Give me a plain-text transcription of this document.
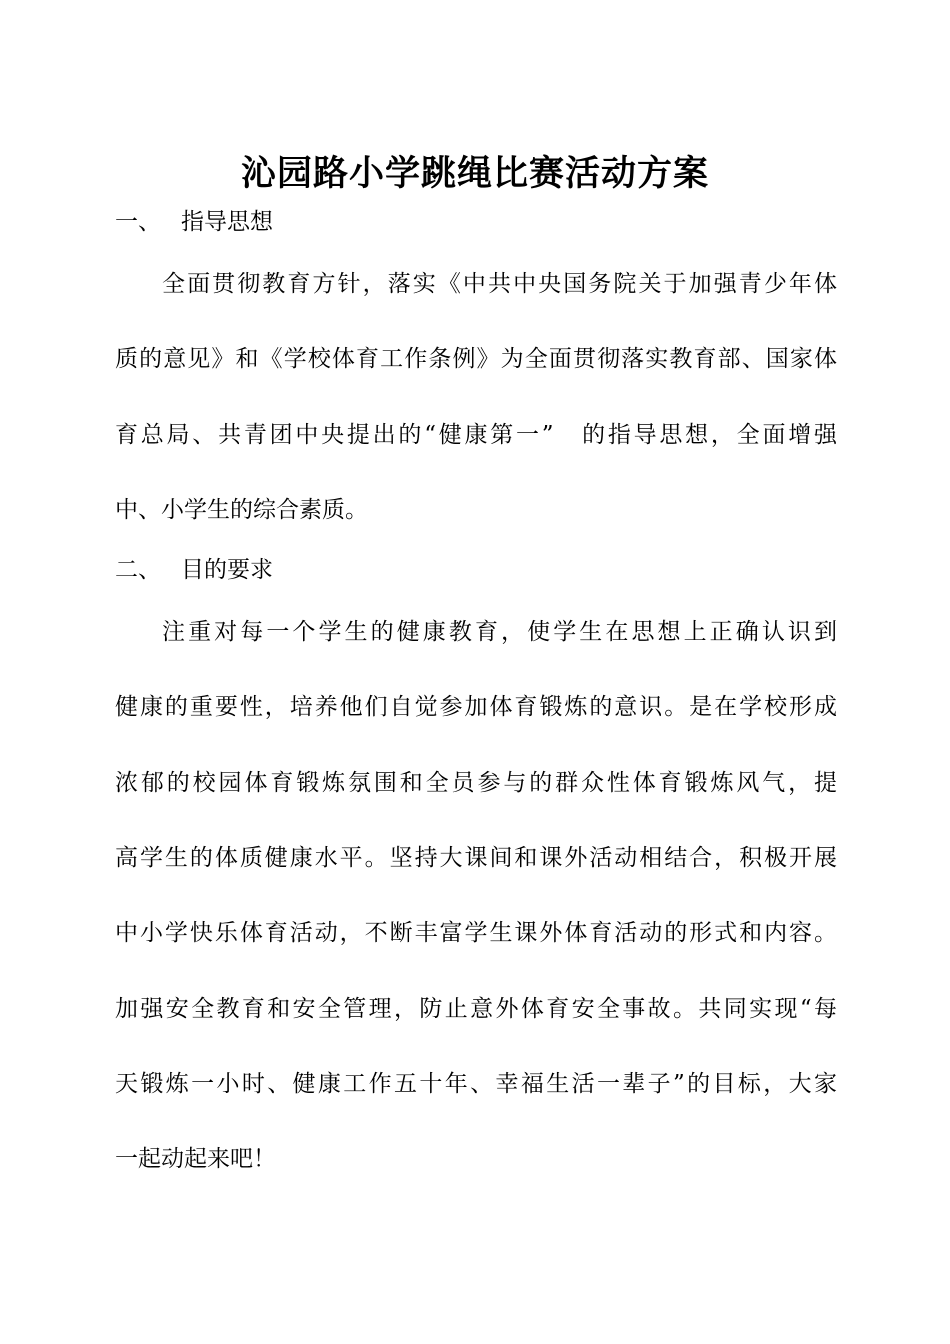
沁园路小学跳绳比赛活动方案
一、 指导思想
全面贯彻教育方针，落实《中共中央国务院关于加强青少年体
质的意见》和《学校体育工作条例》为全面贯彻落实教育部、国家体
育总局、共青团中央提出的“健康第一”　的指导思想，全面增强
中、小学生的综合素质。
二、 目的要求
注重对每一个学生的健康教育，使学生在思想上正确认识到
健康的重要性，培养他们自觉参加体育锻炼的意识。是在学校形成
浓郁的校园体育锻炼氛围和全员参与的群众性体育锻炼风气，提
高学生的体质健康水平。坚持大课间和课外活动相结合，积极开展
中小学快乐体育活动，不断丰富学生课外体育活动的形式和内容。
加强安全教育和安全管理，防止意外体育安全事故。共同实现“每
天锻炼一小时、健康工作五十年、幸福生活一辈子”的目标，大家
一起动起来吧！
